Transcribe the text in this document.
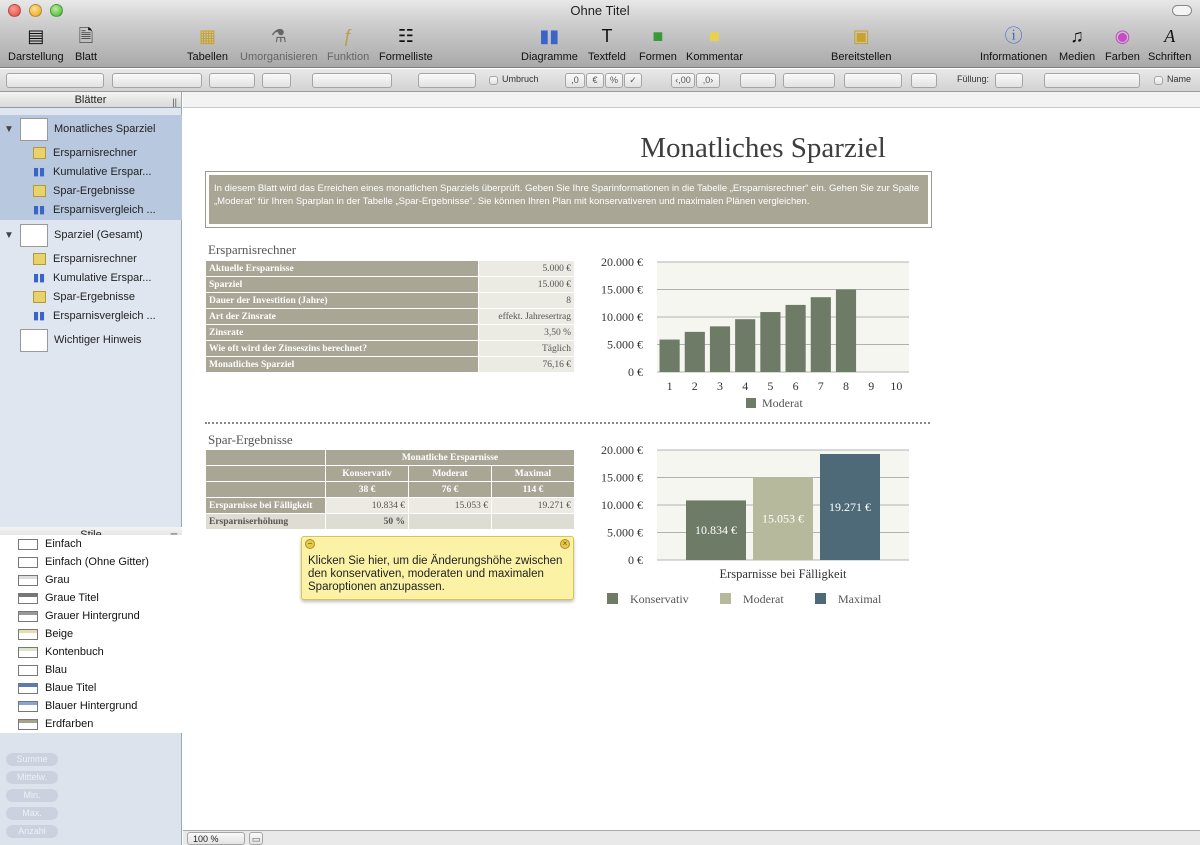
Ohne Titel
▤
Darstellung
🗎
Blatt
▦
Tabellen
⚗
Umorganisieren
ƒ
Funktion
☷
Formelliste
▮▮
Diagramme
T
Textfeld
■
Formen
■
Kommentar
▣
Bereitstellen
ⓘ
Informationen
♫
Medien
◉
Farben
A
Schriften
Umbruch	,0	€	%	✓	‹,00	,0›	Füllung:	Name
Blätter	||
▼	Monatliches Sparziel
Ersparnisrechner
▮▮ Kumulative Erspar...
Spar-Ergebnisse
▮▮ Ersparnisvergleich ...
▼	Sparziel (Gesamt)
Ersparnisrechner
▮▮ Kumulative Erspar...
Spar-Ergebnisse
▮▮ Ersparnisvergleich ...
Wichtiger Hinweis
Einfach
Einfach (Ohne Gitter)
Grau
Graue Titel
Grauer Hintergrund
Beige
Kontenbuch
Blau
Blaue Titel
Blauer Hintergrund
Erdfarben
Summe
Mittelw.
Min.
Max.
Anzahl
Monatliches Sparziel
In diesem Blatt wird das Erreichen eines monatlichen Sparziels überprüft. Geben Sie Ihre Sparinformationen in die Tabelle „Ersparnisrechner“ ein. Gehen Sie zur Spalte „Moderat“ für Ihren Sparplan in der Tabelle „Spar-Ergebnisse“. Sie können Ihren Plan mit konservativeren und maximalen Plänen vergleichen.
Ersparnisrechner
Aktuelle Ersparnisse	5.000 €
Sparziel	15.000 €
Dauer der Investition (Jahre)	8
Art der Zinsrate	effekt. Jahresertrag
Zinsrate	3,50 %
Wie oft wird der Zinseszins berechnet?	Täglich
Monatliches Sparziel	76,16 €
0 €
5.000 €
10.000 €
15.000 €
20.000 €
1 2 3 4 5 6 7 8 9 10
Moderat
Spar-Ergebnisse
	Monatliche Ersparnisse		
	Konservativ	Moderat	Maximal
	38 €	76 €	114 €
Ersparnisse bei Fälligkeit	10.834 €	15.053 €	19.271 €
Ersparniserhöhung	50 %		
−	×
Klicken Sie hier, um die Änderungshöhe zwischen den konservativen, moderaten und maximalen Sparoptionen anzupassen.
0 €
5.000 €
10.000 €
15.000 €
20.000 €
10.834 €
15.053 €
19.271 €
Ersparnisse bei Fälligkeit
Konservativ	Moderat	Maximal
100 %	▭
